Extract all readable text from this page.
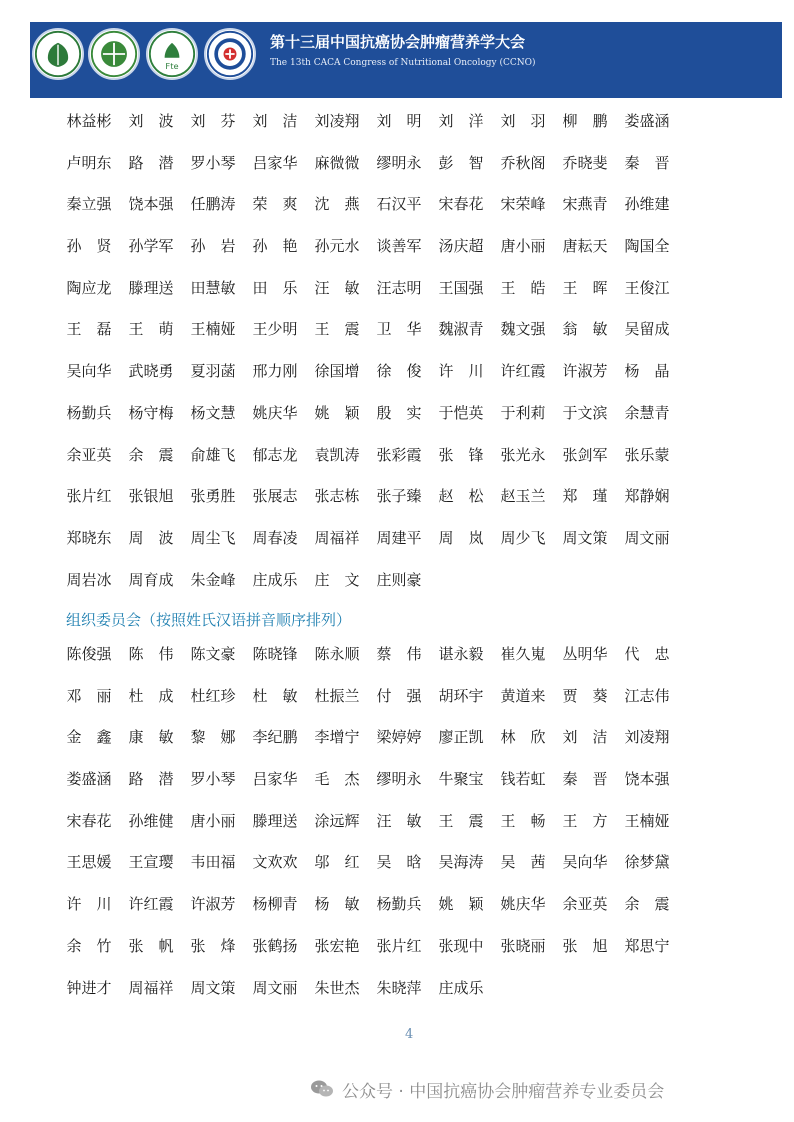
Fte
第十三届中国抗癌协会肿瘤营养学大会
The 13th CACA Congress of Nutritional Oncology (CCNO)
林益彬	刘　波	刘　芬	刘　洁	刘凌翔	刘　明	刘　洋	刘　羽	柳　鹏	娄盛涵
卢明东	路　潜	罗小琴	吕家华	麻微微	缪明永	彭　智	乔秋阁	乔晓斐	秦　晋
秦立强	饶本强	任鹏涛	荣　爽	沈　燕	石汉平	宋春花	宋荣峰	宋燕青	孙维建
孙　贤	孙学军	孙　岩	孙　艳	孙元水	谈善军	汤庆超	唐小丽	唐耘天	陶国全
陶应龙	滕理送	田慧敏	田　乐	汪　敏	汪志明	王国强	王　皓	王　晖	王俊江
王　磊	王　萌	王楠娅	王少明	王　震	卫　华	魏淑青	魏文强	翁　敏	吴留成
吴向华	武晓勇	夏羽菡	邢力刚	徐国增	徐　俊	许　川	许红霞	许淑芳	杨　晶
杨勤兵	杨守梅	杨文慧	姚庆华	姚　颖	殷　实	于恺英	于利莉	于文滨	余慧青
余亚英	余　震	俞雄飞	郁志龙	袁凯涛	张彩霞	张　锋	张光永	张剑军	张乐蒙
张片红	张银旭	张勇胜	张展志	张志栋	张子臻	赵　松	赵玉兰	郑　瑾	郑静娴
郑晓东	周　波	周尘飞	周春凌	周福祥	周建平	周　岚	周少飞	周文策	周文丽
周岩冰	周育成	朱金峰	庄成乐	庄　文	庄则豪
组织委员会（按照姓氏汉语拼音顺序排列）
陈俊强	陈　伟	陈文豪	陈晓锋	陈永顺	蔡　伟	谌永毅	崔久嵬	丛明华	代　忠
邓　丽	杜　成	杜红珍	杜　敏	杜振兰	付　强	胡环宇	黄道来	贾　葵	江志伟
金　鑫	康　敏	黎　娜	李纪鹏	李增宁	梁婷婷	廖正凯	林　欣	刘　洁	刘凌翔
娄盛涵	路　潜	罗小琴	吕家华	毛　杰	缪明永	牛聚宝	钱若虹	秦　晋	饶本强
宋春花	孙维健	唐小丽	滕理送	涂远辉	汪　敏	王　震	王　畅	王　方	王楠娅
王思媛	王宣璎	韦田福	文欢欢	邬　红	吴　晗	吴海涛	吴　茜	吴向华	徐梦黛
许　川	许红霞	许淑芳	杨柳青	杨　敏	杨勤兵	姚　颖	姚庆华	余亚英	余　震
余　竹	张　帆	张　烽	张鹤扬	张宏艳	张片红	张现中	张晓丽	张　旭	郑思宁
钟进才	周福祥	周文策	周文丽	朱世杰	朱晓萍	庄成乐
4
公众号 · 中国抗癌协会肿瘤营养专业委员会
